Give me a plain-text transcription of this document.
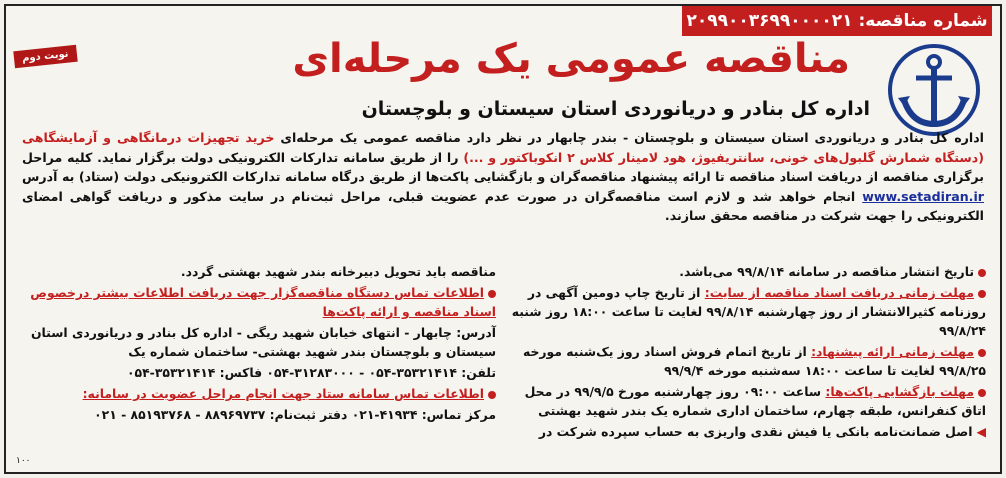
شماره مناقصه:
۲۰۹۹۰۰۳۶۹۹۰۰۰۰۲۱
نوبت دوم	مناقصه عمومی یک مرحله‌ای
اداره کل بنادر و دریانوردی استان سیستان و بلوچستان
اداره کل بنادر و دریانوردی استان سیستان و بلوچستان - بندر چابهار در نظر دارد مناقصه عمومی یک مرحله‌ای خرید تجهیزات درمانگاهی و آزمایشگاهی (دستگاه شمارش گلبول‌های خونی، سانتریفیوژ، هود لامینار کلاس ۲ انکوباکتور و ...) را از طریق سامانه تدارکات الکترونیکی دولت برگزار نماید. کلیه مراحل برگزاری مناقصه از دریافت اسناد مناقصه تا ارائه پیشنهاد مناقصه‌گران و بازگشایی پاکت‌ها از طریق درگاه سامانه تدارکات الکترونیکی دولت (ستاد) به آدرس www.setadiran.ir انجام خواهد شد و لازم است مناقصه‌گران در صورت عدم عضویت قبلی، مراحل ثبت‌نام در سایت مذکور و دریافت گواهی امضای الکترونیکی را جهت شرکت در مناقصه محقق سازند.
تاریخ انتشار مناقصه در سامانه ۹۹/۸/۱۴ می‌باشد.
مهلت زمانی دریافت اسناد مناقصه از سایت: از تاریخ چاپ دومین آگهی در روزنامه کثیرالانتشار از روز چهارشنبه ۹۹/۸/۱۴ لغایت تا ساعت ۱۸:۰۰ روز شنبه ۹۹/۸/۲۴
مهلت زمانی ارائه پیشنهاد: از تاریخ اتمام فروش اسناد روز یک‌شنبه مورخه ۹۹/۸/۲۵ لغایت تا ساعت ۱۸:۰۰ سه‌شنبه مورخه ۹۹/۹/۴
مهلت بازگشایی پاکت‌ها: ساعت ۰۹:۰۰ روز چهارشنبه مورخ ۹۹/۹/۵ در محل اتاق کنفرانس، طبقه چهارم، ساختمان اداری شماره یک بندر شهید بهشتی
◀اصل ضمانت‌نامه بانکی یا فیش نقدی واریزی به حساب سپرده شرکت در
مناقصه باید تحویل دبیرخانه بندر شهید بهشتی گردد.
اطلاعات تماس دستگاه مناقصه‌گزار جهت دریافت اطلاعات بیشتر درخصوص اسناد مناقصه و ارائه پاکت‌ها
آدرس: چابهار - انتهای خیابان شهید ریگی - اداره کل بنادر و دریانوردی استان سیستان و بلوچستان بندر شهید بهشتی- ساختمان شماره یک
تلفن: ۳۵۳۲۱۴۱۴-۰۵۴ - ۳۱۲۸۳۰۰۰-۰۵۴ فاکس: ۳۵۳۲۱۴۱۴-۰۵۴
اطلاعات تماس سامانه ستاد جهت انجام مراحل عضویت در سامانه:
مرکز تماس: ۴۱۹۳۴-۰۲۱ دفتر ثبت‌نام: ۸۸۹۶۹۷۳۷ - ۸۵۱۹۳۷۶۸ - ۰۲۱
۱۰۰
